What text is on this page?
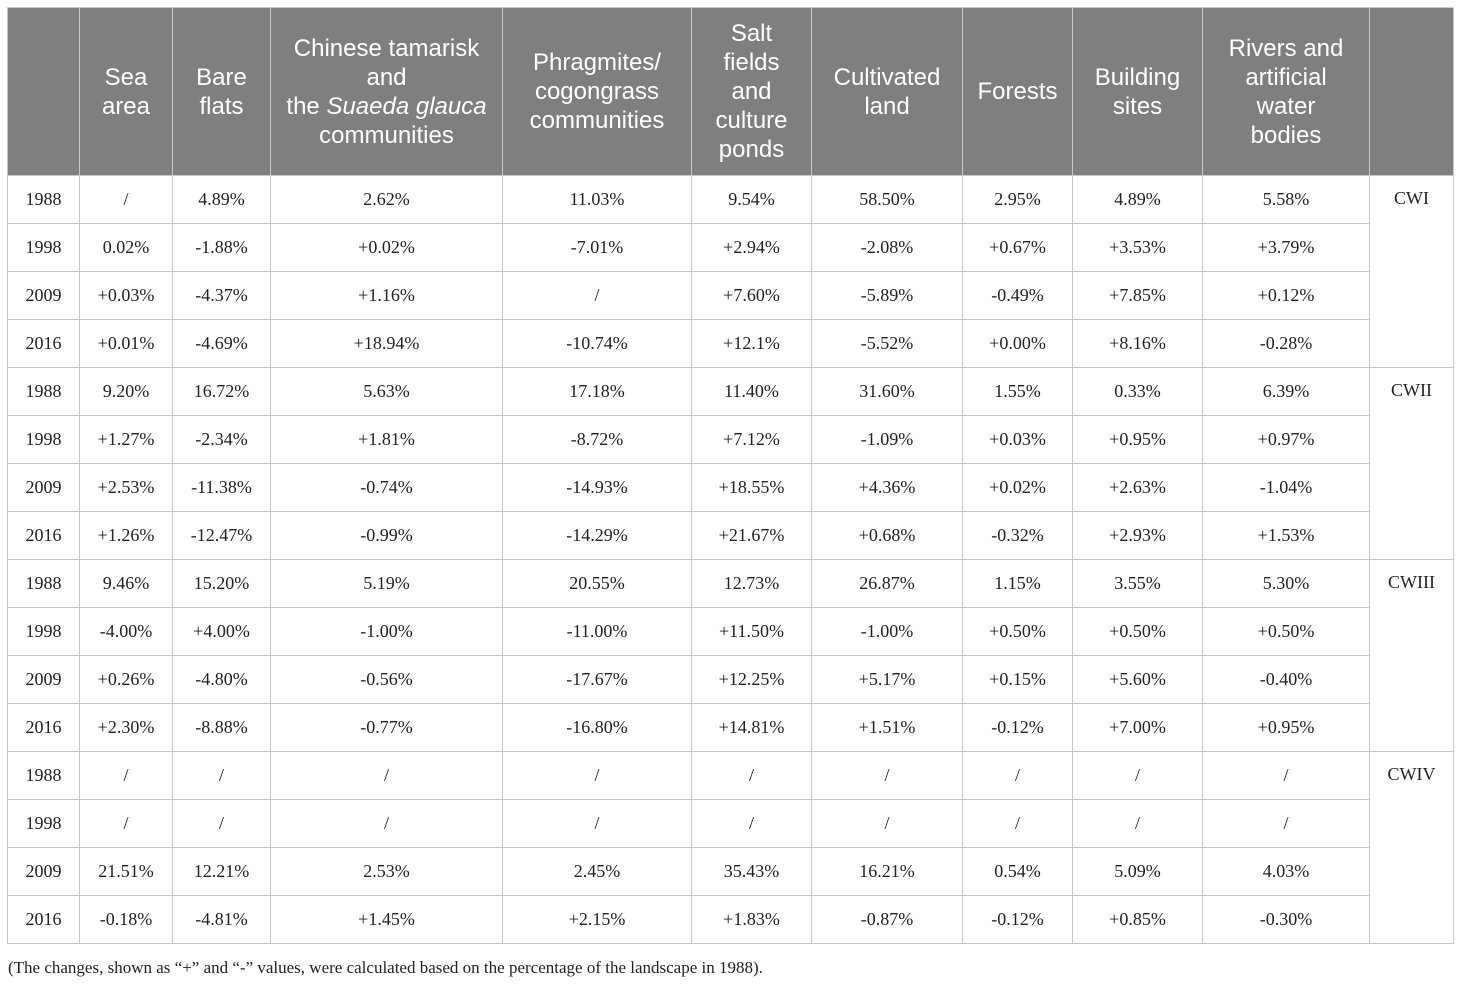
	Sea
area	Bare
flats	Chinese tamarisk
and
the Suaeda glauca
communities	Phragmites/
cogongrass
communities	Salt
fields
and
culture
ponds	Cultivated
land	Forests	Building
sites	Rivers and
artificial
water
bodies	
1988	/	4.89%	2.62%	11.03%	9.54%	58.50%	2.95%	4.89%	5.58%	CWI
1998	0.02%	-1.88%	+0.02%	-7.01%	+2.94%	-2.08%	+0.67%	+3.53%	+3.79%	
2009	+0.03%	-4.37%	+1.16%	/	+7.60%	-5.89%	-0.49%	+7.85%	+0.12%	
2016	+0.01%	-4.69%	+18.94%	-10.74%	+12.1%	-5.52%	+0.00%	+8.16%	-0.28%	
1988	9.20%	16.72%	5.63%	17.18%	11.40%	31.60%	1.55%	0.33%	6.39%	CWII
1998	+1.27%	-2.34%	+1.81%	-8.72%	+7.12%	-1.09%	+0.03%	+0.95%	+0.97%	
2009	+2.53%	-11.38%	-0.74%	-14.93%	+18.55%	+4.36%	+0.02%	+2.63%	-1.04%	
2016	+1.26%	-12.47%	-0.99%	-14.29%	+21.67%	+0.68%	-0.32%	+2.93%	+1.53%	
1988	9.46%	15.20%	5.19%	20.55%	12.73%	26.87%	1.15%	3.55%	5.30%	CWIII
1998	-4.00%	+4.00%	-1.00%	-11.00%	+11.50%	-1.00%	+0.50%	+0.50%	+0.50%	
2009	+0.26%	-4.80%	-0.56%	-17.67%	+12.25%	+5.17%	+0.15%	+5.60%	-0.40%	
2016	+2.30%	-8.88%	-0.77%	-16.80%	+14.81%	+1.51%	-0.12%	+7.00%	+0.95%	
1988	/	/	/	/	/	/	/	/	/	CWIV
1998	/	/	/	/	/	/	/	/	/	
2009	21.51%	12.21%	2.53%	2.45%	35.43%	16.21%	0.54%	5.09%	4.03%	
2016	-0.18%	-4.81%	+1.45%	+2.15%	+1.83%	-0.87%	-0.12%	+0.85%	-0.30%	
(The changes, shown as “+” and “-” values, were calculated based on the percentage of the landscape in 1988).
